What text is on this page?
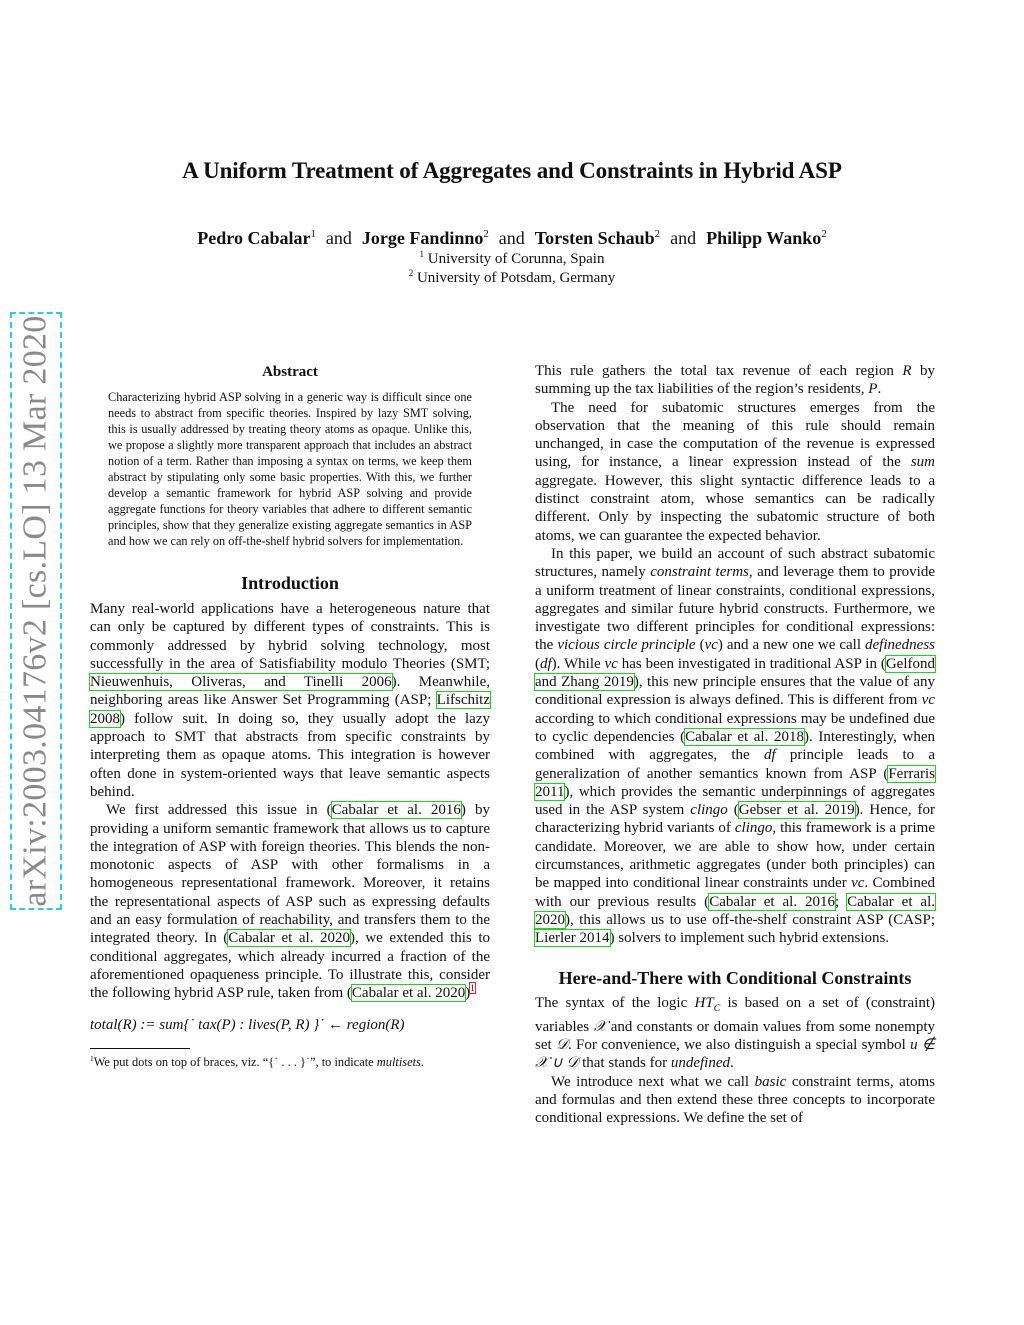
arXiv:2003.04176v2 [cs.LO] 13 Mar 2020
A Uniform Treatment of Aggregates and Constraints in Hybrid ASP
Pedro Cabalar$^1$ and Jorge Fandinno$^2$ and Torsten Schaub$^2$ and Philipp Wanko$^2$
$^1$ University of Corunna, Spain
$^2$ University of Potsdam, Germany
Abstract
Characterizing hybrid ASP solving in a generic way is difficult since one needs to abstract from specific theories. Inspired by lazy SMT solving, this is usually addressed by treating theory atoms as opaque. Unlike this, we propose a slightly more transparent approach that includes an abstract notion of a term. Rather than imposing a syntax on terms, we keep them abstract by stipulating only some basic properties. With this, we further develop a semantic framework for hybrid ASP solving and provide aggregate functions for theory variables that adhere to different semantic principles, show that they generalize existing aggregate semantics in ASP and how we can rely on off-the-shelf hybrid solvers for implementation.
Introduction

Many real-world applications have a heterogeneous nature that can only be captured by different types of constraints. This is commonly addressed by hybrid solving technology, most successfully in the area of Satisfiability modulo Theories (SMT; Nieuwenhuis, Oliveras, and Tinelli 2006). Meanwhile, neighboring areas like Answer Set Programming (ASP; Lifschitz 2008) follow suit. In doing so, they usually adopt the lazy approach to SMT that abstracts from specific constraints by interpreting them as opaque atoms. This integration is however often done in system-oriented ways that leave semantic aspects behind.

We first addressed this issue in (Cabalar et al. 2016) by providing a uniform semantic framework that allows us to capture the integration of ASP with foreign theories. This blends the non-monotonic aspects of ASP with other formalisms in a homogeneous representational framework. Moreover, it retains the representational aspects of ASP such as expressing defaults and an easy formulation of reachability, and transfers them to the integrated theory. In (Cabalar et al. 2020), we extended this to conditional aggregates, which already incurred a fraction of the aforementioned opaqueness principle. To illustrate this, consider the following hybrid ASP rule, taken from (Cabalar et al. 2020)$^1$

total(R) := sum{˙ tax(P) : lives(P, R) }˙ ← region(R)
$^1$We put dots on top of braces, viz. “{˙ . . . }˙”, to indicate multisets.

This rule gathers the total tax revenue of each region R by summing up the tax liabilities of the region’s residents, P.

The need for subatomic structures emerges from the observation that the meaning of this rule should remain unchanged, in case the computation of the revenue is expressed using, for instance, a linear expression instead of the sum aggregate. However, this slight syntactic difference leads to a distinct constraint atom, whose semantics can be radically different. Only by inspecting the subatomic structure of both atoms, we can guarantee the expected behavior.

In this paper, we build an account of such abstract subatomic structures, namely constraint terms, and leverage them to provide a uniform treatment of linear constraints, conditional expressions, aggregates and similar future hybrid constructs. Furthermore, we investigate two different principles for conditional expressions: the vicious circle principle (vc) and a new one we call definedness (df). While vc has been investigated in traditional ASP in (Gelfond and Zhang 2019), this new principle ensures that the value of any conditional expression is always defined. This is different from vc according to which conditional expressions may be undefined due to cyclic dependencies (Cabalar et al. 2018). Interestingly, when combined with aggregates, the df principle leads to a generalization of another semantics known from ASP (Ferraris 2011), which provides the semantic underpinnings of aggregates used in the ASP system clingo (Gebser et al. 2019). Hence, for characterizing hybrid variants of clingo, this framework is a prime candidate. Moreover, we are able to show how, under certain circumstances, arithmetic aggregates (under both principles) can be mapped into conditional linear constraints under vc. Combined with our previous results (Cabalar et al. 2016; Cabalar et al. 2020), this allows us to use off-the-shelf constraint ASP (CASP; Lierler 2014) solvers to implement such hybrid extensions.

Here-and-There with Conditional Constraints

The syntax of the logic $HT_C$ is based on a set of (constraint) variables 𝒳 and constants or domain values from some nonempty set 𝒟. For convenience, we also distinguish a special symbol u ∉ 𝒳 ∪ 𝒟 that stands for undefined.

We introduce next what we call basic constraint terms, atoms and formulas and then extend these three concepts to incorporate conditional expressions. We define the set of
